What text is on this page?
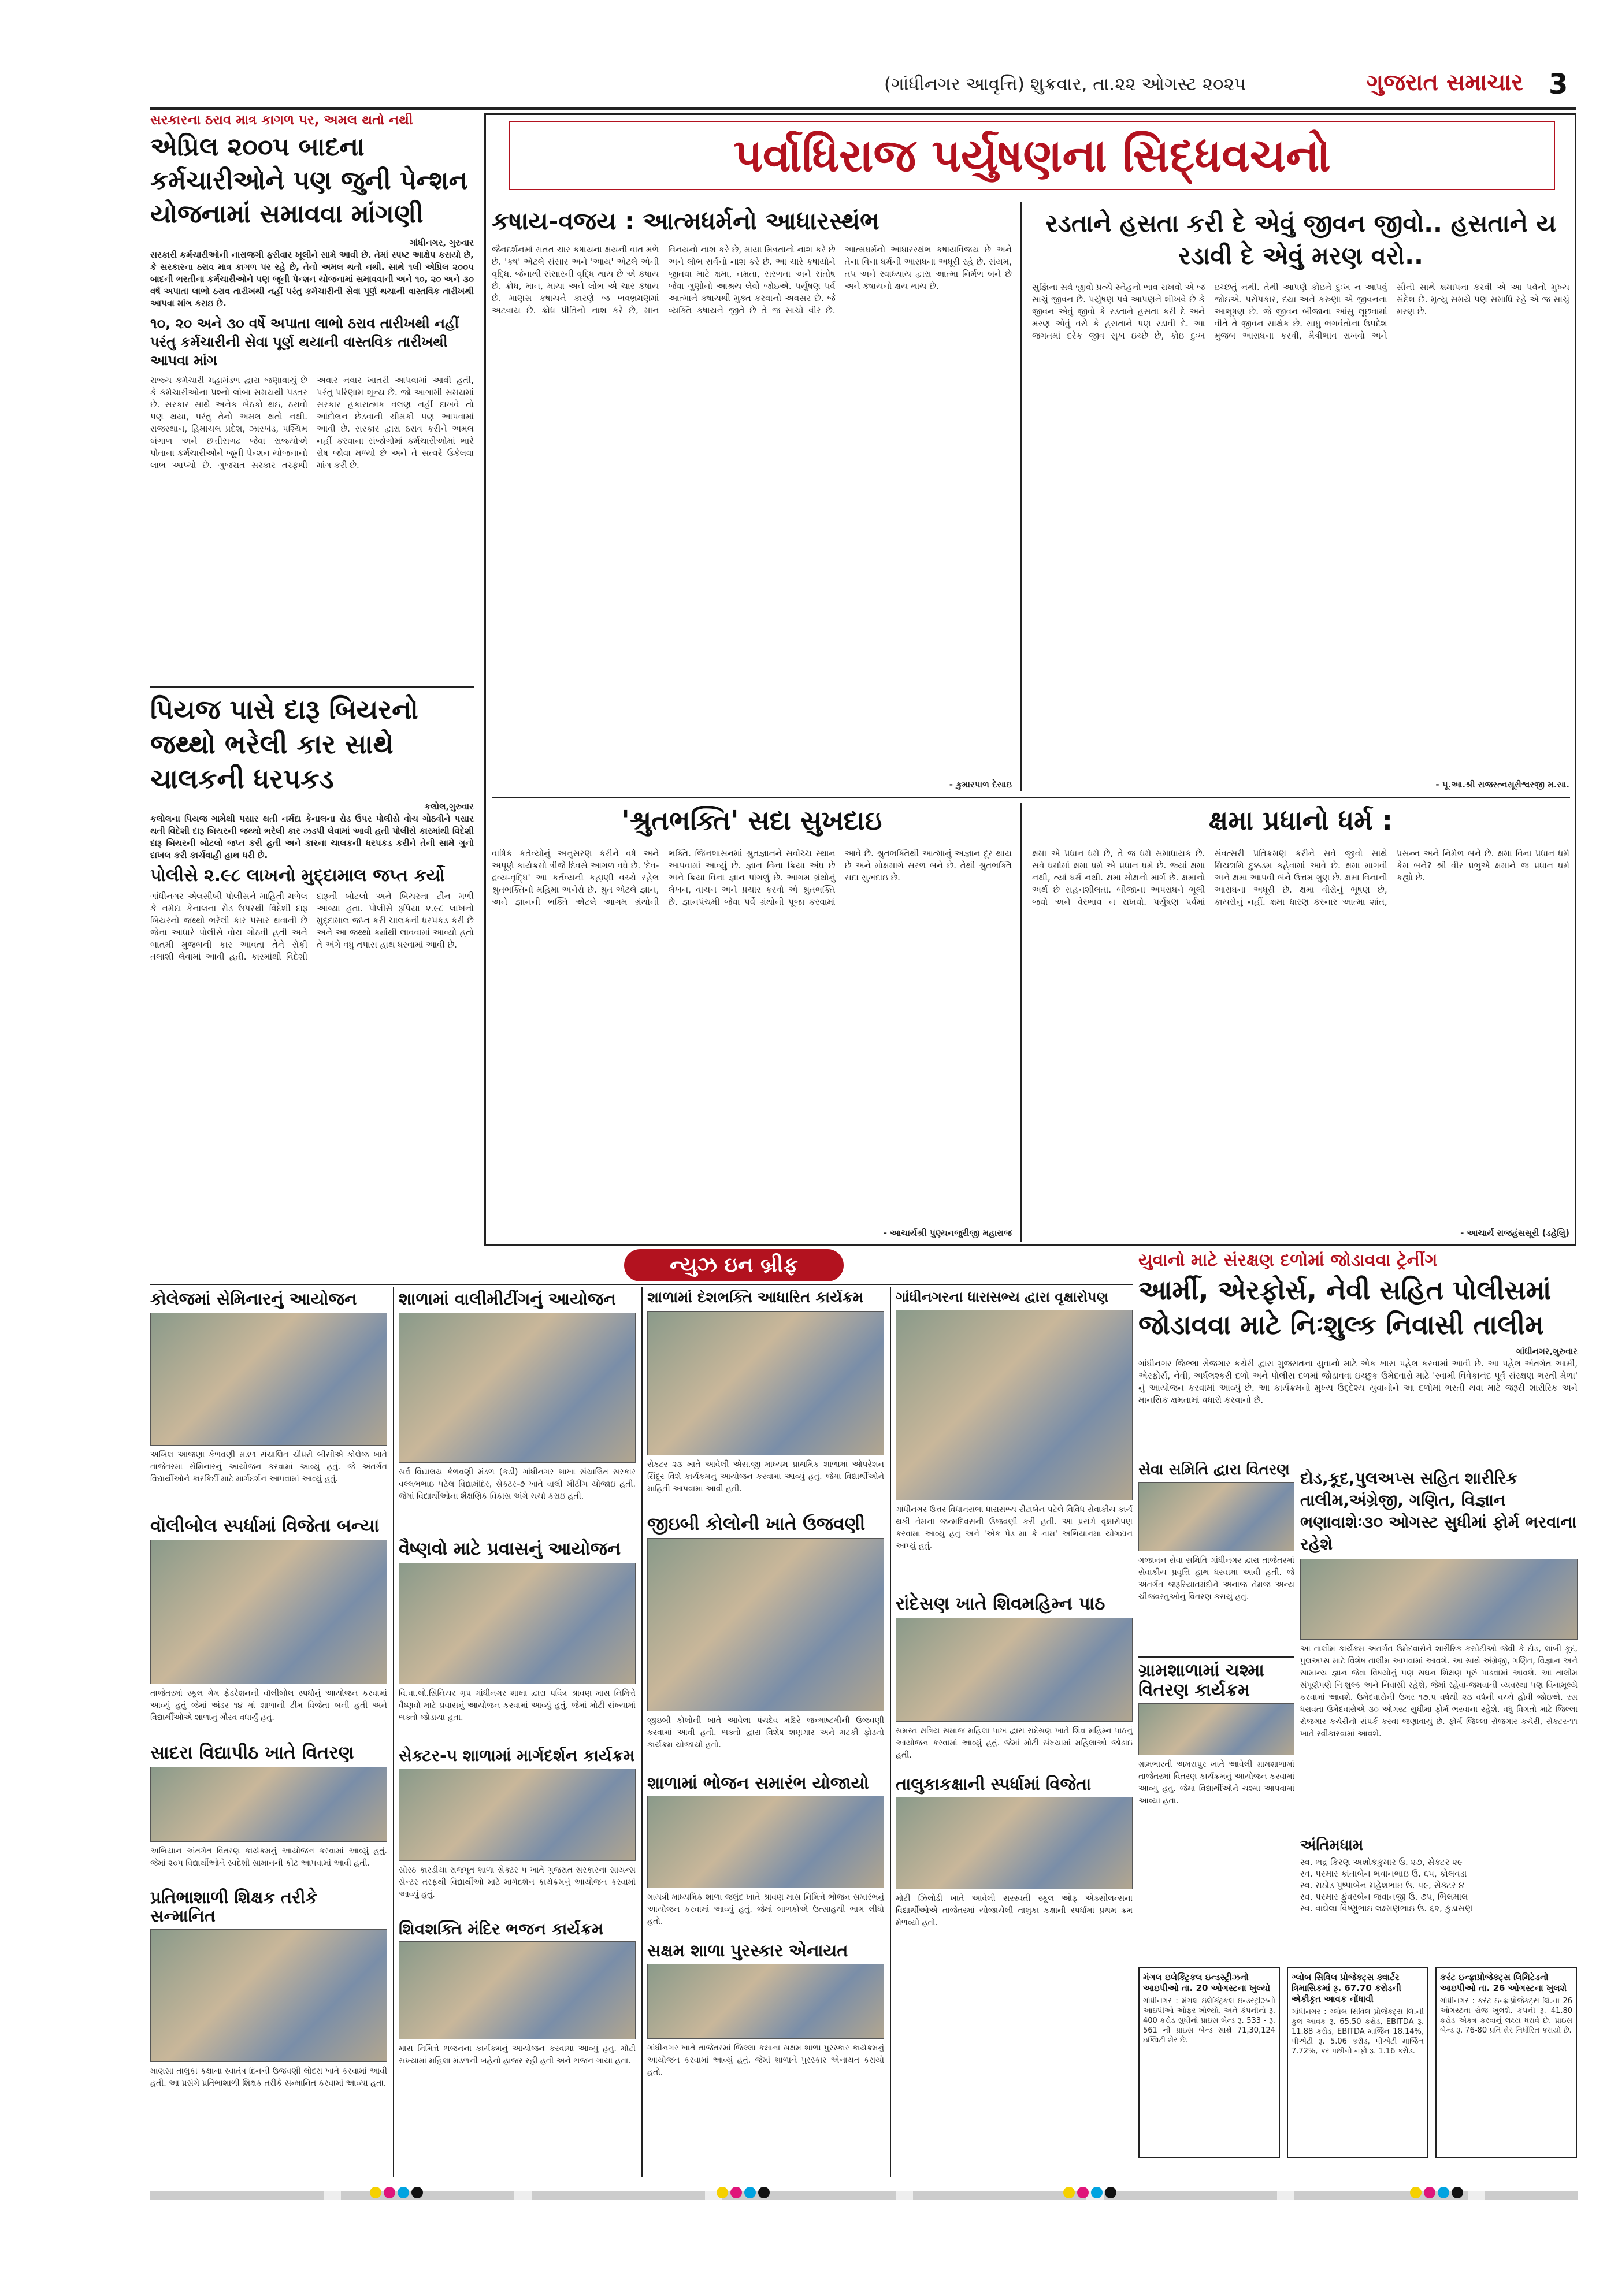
(ગાંધીનગર આવૃત્તિ) શુક્રવાર, તા.૨૨ ઓગસ્ટ ૨૦૨૫	ગુજરાત સમાચાર 3
સરકારના ઠરાવ માત્ર કાગળ પર, અમલ થતો નથી
એપ્રિલ ૨૦૦૫ બાદના કર્મચારીઓને પણ જુની પેન્શન યોજનામાં સમાવવા માંગણી
ગાંધીનગર, ગુરુવાર
સરકારી કર્મચારીઓની નારાજગી ફરીવાર ખૂલીને સામે આવી છે. તેમાં સ્પષ્ટ આક્ષેપ કરાયો છે, કે સરકારના ઠરાવ માત્ર કાગળ પર રહે છે, તેનો અમલ થતો નથી. સાથે ૧લી એપ્રિલ ૨૦૦૫ બાદની ભરતીના કર્મચારીઓને પણ જૂની પેન્શન યોજનામાં સમાવવાની અને ૧૦, ૨૦ અને ૩૦ વર્ષ અપાતા લાભો ઠરાવ તારીખથી નહીં પરંતુ કર્મચારીની સેવા પૂર્ણ થયાની વાસ્તવિક તારીખથી આપવા માંગ કરાઇ છે.
૧૦, ૨૦ અને ૩૦ વર્ષે અપાતા લાભો ઠરાવ તારીખથી નહીં પરંતુ કર્મચારીની સેવા પૂર્ણ થયાની વાસ્તવિક તારીખથી આપવા માંગ
રાજ્ય કર્મચારી મહામંડળ દ્વારા જણાવાયું છે કે કર્મચારીઓના પ્રશ્નો લાંબા સમયથી પડતર છે. સરકાર સાથે અનેક બેઠકો થઇ, ઠરાવો પણ થયા, પરંતુ તેનો અમલ થતો નથી. રાજસ્થાન, હિમાચલ પ્રદેશ, ઝારખંડ, પશ્ચિમ બંગાળ અને છત્તીસગઢ જેવા રાજ્યોએ પોતાના કર્મચારીઓને જૂની પેન્શન યોજનાનો લાભ આપ્યો છે. ગુજરાત સરકાર તરફથી અવાર નવાર ખાતરી આપવામાં આવી હતી, પરંતુ પરિણામ શૂન્ય છે. જો આગામી સમયમાં સરકાર હકારાત્મક વલણ નહીં દાખવે તો આંદોલન છેડવાની ચીમકી પણ આપવામાં આવી છે. સરકાર દ્વારા ઠરાવ કરીને અમલ નહીં કરવાના સંજોગોમાં કર્મચારીઓમાં ભારે રોષ જોવા મળ્યો છે અને તે સત્વરે ઉકેલવા માંગ કરી છે.
પિયજ પાસે દારૂ બિયરનો જથ્થો ભરેલી કાર સાથે ચાલકની ધરપકડ
કલોલ,ગુરુવાર
કલોલના પિયજ ગામેથી પસાર થતી નર્મદા કેનાલના રોડ ઉપર પોલીસે વોચ ગોઠવીને પસાર થતી વિદેશી દારૂ બિયરની જથ્થો ભરેલી કાર ઝડપી લેવામાં આવી હતી પોલીસે કારમાંથી વિદેશી દારૂ બિયરની બોટલો જપ્ત કરી હતી અને કારના ચાલકની ધરપકડ કરીને તેની સામે ગુનો દાખલ કરી કાર્યવાહી હાથ ધરી છે.
પોલીસે ૨.૯૮ લાખનો મુદ્દામાલ જપ્ત કર્યો
ગાંધીનગર એલસીબી પોલીસને માહિતી મળેલ કે નર્મદા કેનાલના રોડ ઉપરથી વિદેશી દારૂ બિયરનો જથ્થો ભરેલી કાર પસાર થવાની છે જેના આધારે પોલીસે વોચ ગોઠવી હતી અને બાતમી મુજબની કાર આવતા તેને રોકી તલાશી લેવામાં આવી હતી. કારમાંથી વિદેશી દારૂની બોટલો અને બિયરના ટીન મળી આવ્યા હતા. પોલીસે રૂપિયા ૨.૯૮ લાખનો મુદ્દામાલ જપ્ત કરી ચાલકની ધરપકડ કરી છે અને આ જથ્થો ક્યાંથી લાવવામાં આવ્યો હતો તે અંગે વધુ તપાસ હાથ ધરવામાં આવી છે.
પર્વાધિરાજ પર્યુષણના સિદ્ધવચનો
કષાય-વજય : આત્મધર્મનો આધારસ્થંભ
જૈનદર્શનમાં સતત ચાર કષાયના ક્ષયની વાત મળે છે. 'કષ' એટલે સંસાર અને 'આય' એટલે એની વૃદ્ધિ. જેનાથી સંસારની વૃદ્ધિ થાય છે એ કષાય છે. ક્રોધ, માન, માયા અને લોભ એ ચાર કષાય છે. માણસ કષાયને કારણે જ ભવભ્રમણમાં અટવાય છે. ક્રોધ પ્રીતિનો નાશ કરે છે, માન વિનયનો નાશ કરે છે, માયા મિત્રતાનો નાશ કરે છે અને લોભ સર્વનો નાશ કરે છે. આ ચારે કષાયોને જીતવા માટે ક્ષમા, નમ્રતા, સરળતા અને સંતોષ જેવા ગુણોનો આશ્રય લેવો જોઇએ. પર્યુષણ પર્વ આત્માને કષાયથી મુક્ત કરવાનો અવસર છે. જે વ્યક્તિ કષાયને જીતે છે તે જ સાચો વીર છે. આત્મધર્મનો આધારસ્થંભ કષાયવિજય છે અને તેના વિના ધર્મની આરાધના અધૂરી રહે છે. સંયમ, તપ અને સ્વાધ્યાય દ્વારા આત્મા નિર્મળ બને છે અને કષાયનો ક્ષય થાય છે.
- કુમારપાળ દેસાઇ
રડતાને હસતા કરી દે એવું જીવન જીવો.. હસતાને ય રડાવી દે એવું મરણ વરો..
સુજ્ઞિના સર્વ જીવો પ્રત્યે સ્નેહનો ભાવ રાખવો એ જ સાચું જીવન છે. પર્યુષણ પર્વ આપણને શીખવે છે કે જીવન એવું જીવો કે રડતાને હસતા કરી દે અને મરણ એવું વરો કે હસતાને પણ રડાવી દે. આ જગતમાં દરેક જીવ સુખ ઇચ્છે છે, કોઇ દુઃખ ઇચ્છતું નથી. તેથી આપણે કોઇને દુઃખ ન આપવું જોઇએ. પરોપકાર, દયા અને કરુણા એ જીવનના આભૂષણ છે. જે જીવન બીજાના આંસુ લૂછવામાં વીતે તે જીવન સાર્થક છે. સાધુ ભગવંતોના ઉપદેશ મુજબ આરાધના કરવી, મૈત્રીભાવ રાખવો અને સૌની સાથે ક્ષમાપના કરવી એ આ પર્વનો મુખ્ય સંદેશ છે. મૃત્યુ સમયે પણ સમાધિ રહે એ જ સાચું મરણ છે.
- પૂ.આ.શ્રી રાજરત્નસૂરીશ્વરજી મ.સા.
'શ્રુતભક્તિ' સદા સુખદાઇ
વાર્ષિક કર્તવ્યોનું અનુસરણ કરીને વર્ષ અને અપૂર્ણ કાર્યક્રમો ત્રીજે દિવસે આગળ વધે છે. 'દેવ-દ્રવ્ય-વૃદ્ધિ' આ કર્તવ્યની કહાણી વચ્ચે રહેલ શ્રુતભક્તિનો મહિમા અનેરો છે. શ્રુત એટલે જ્ઞાન, અને જ્ઞાનની ભક્તિ એટલે આગમ ગ્રંથોની ભક્તિ. જિનશાસનમાં શ્રુતજ્ઞાનને સર્વોચ્ચ સ્થાન આપવામાં આવ્યું છે. જ્ઞાન વિના ક્રિયા અંધ છે અને ક્રિયા વિના જ્ઞાન પાંગળું છે. આગમ ગ્રંથોનું લેખન, વાચન અને પ્રચાર કરવો એ શ્રુતભક્તિ છે. જ્ઞાનપંચમી જેવા પર્વે ગ્રંથોની પૂજા કરવામાં આવે છે. શ્રુતભક્તિથી આત્માનું અજ્ઞાન દૂર થાય છે અને મોક્ષમાર્ગ સરળ બને છે. તેથી શ્રુતભક્તિ સદા સુખદાઇ છે.
- આચાર્યશ્રી પુણ્યનજુરીજી મહારાજ
ક્ષમા પ્રધાનો ધર્મ :
ક્ષમા એ પ્રધાન ધર્મ છે, તે જ ધર્મ સમાધાયક છે. સર્વ ધર્મોમાં ક્ષમા ધર્મ એ પ્રધાન ધર્મ છે. જ્યાં ક્ષમા નથી, ત્યાં ધર્મ નથી. ક્ષમા મોક્ષનો માર્ગ છે. ક્ષમાનો અર્થ છે સહનશીલતા. બીજાના અપરાધને ભૂલી જવો અને વેરભાવ ન રાખવો. પર્યુષણ પર્વમાં સંવત્સરી પ્રતિક્રમણ કરીને સર્વ જીવો સાથે મિચ્છામિ દુક્કડમ કહેવામાં આવે છે. ક્ષમા માગવી અને ક્ષમા આપવી બંને ઉત્તમ ગુણ છે. ક્ષમા વિનાની આરાધના અધૂરી છે. ક્ષમા વીરોનું ભૂષણ છે, કાયરોનું નહીં. ક્ષમા ધારણ કરનાર આત્મા શાંત, પ્રસન્ન અને નિર્મળ બને છે. ક્ષમા વિના પ્રધાન ધર્મ કેમ બને? શ્રી વીર પ્રભુએ ક્ષમાને જ પ્રધાન ધર્મ કહ્યો છે.
- આચાર્ય રાજહંસસૂરી (ડહેલુિ)
ન્યુઝ ઇન બ્રીફ
કોલેજમાં સેમિનારનું આયોજન
અખિલ આંજણા કેળવણી મંડળ સંચાલિત ચૌધરી બીસીએ કોલેજ ખાતે તાજેતરમાં સેમિનારનું આયોજન કરવામાં આવ્યું હતું. જે અંતર્ગત વિદ્યાર્થીઓને કારકિર્દી માટે માર્ગદર્શન આપવામાં આવ્યું હતું.
વૉલીબોલ સ્પર્ધામાં વિજેતા બન્યા
તાજેતરમાં સ્કૂલ ગેમ ફેડરેશનની વૉલીબોલ સ્પર્ધાનું આયોજન કરવામાં આવ્યું હતું જેમાં અંડર ૧૪ માં શાળાની ટીમ વિજેતા બની હતી અને વિદ્યાર્થીઓએ શાળાનું ગૌરવ વધાર્યું હતું.
સાદરા વિદ્યાપીઠ ખાતે વિતરણ
અભિયાન અંતર્ગત વિતરણ કાર્યક્રમનું આયોજન કરવામાં આવ્યું હતું. જેમાં ૨૦૫ વિદ્યાર્થીઓને સ્વદેશી સામાનની કીટ આપવામાં આવી હતી.
પ્રતિભાશાળી શિક્ષક તરીકે સન્માનિત
માણસા તાલુકા કક્ષાના સ્વાતંત્ર દિનની ઉજવણી લોદરા ખાતે કરવામાં આવી હતી. આ પ્રસંગે પ્રતિભાશાળી શિક્ષક તરીકે સન્માનિત કરવામાં આવ્યા હતા.
શાળામાં વાલીમીટીંગનું આયોજન
સર્વ વિદ્યાલય કેળવણી મંડળ (કડી) ગાંધીનગર શાખા સંચાલિત સરકાર વલ્લભભાઇ પટેલ વિદ્યામંદિર, સેક્ટર-૭ ખાતે વાલી મીટીંગ યોજાઇ હતી. જેમાં વિદ્યાર્થીઓના શૈક્ષણિક વિકાસ અંગે ચર્ચા કરાઇ હતી.
વૈષ્ણવો માટે પ્રવાસનું આયોજન
વિ.વા.બો.સિનિયર ગૃપ ગાંધીનગર શાખા દ્વારા પવિત્ર શ્રાવણ માસ નિમિત્તે વૈષ્ણવો માટે પ્રવાસનું આયોજન કરવામાં આવ્યું હતું. જેમાં મોટી સંખ્યામાં ભક્તો જોડાયા હતા.
સેક્ટર-૫ શાળામાં માર્ગદર્શન કાર્યક્રમ
સોરઠ કારડીયા રાજપૂત શાળા સેક્ટર ૫ ખાતે ગુજરાત સરકારના સાયન્સ સેન્ટર તરફથી વિદ્યાર્થીઓ માટે માર્ગદર્શન કાર્યક્રમનું આયોજન કરવામાં આવ્યું હતું.
શિવશક્તિ મંદિર ભજન કાર્યક્રમ
માસ નિમિત્તે ભજનના કાર્યક્રમનું આયોજન કરવામાં આવ્યું હતું. મોટી સંખ્યામાં મહિલા મંડળની બહેનો હાજર રહી હતી અને ભજન ગાયા હતા.
શાળામાં દેશભક્તિ આધારિત કાર્યક્રમ
સેક્ટર ૨૩ ખાતે આવેલી એસ.જી માધ્યમ પ્રાથમિક શાળામાં ઓપરેશન સિંદૂર વિશે કાર્યક્રમનું આયોજન કરવામાં આવ્યું હતું. જેમાં વિદ્યાર્થીઓને માહિતી આપવામાં આવી હતી.
જીઇબી કોલોની ખાતે ઉજવણી
જીઇબી કોલોની ખાતે આવેલા પંચદેવ મંદિરે જન્માષ્ટમીની ઉજવણી કરવામાં આવી હતી. ભક્તો દ્વારા વિશેષ શણગાર અને મટકી ફોડનો કાર્યક્રમ યોજાયો હતો.
શાળામાં ભોજન સમારંભ યોજાયો
ગાયત્રી માધ્યમિક શાળા જલુંદ ખાતે શ્રાવણ માસ નિમિત્તે ભોજન સમારંભનું આયોજન કરવામાં આવ્યું હતું. જેમાં બાળકોએ ઉત્સાહથી ભાગ લીધો હતો.
સક્ષમ શાળા પુરસ્કાર એનાયત
ગાંધીનગર ખાતે તાજેતરમાં જિલ્લા કક્ષાના સક્ષમ શાળા પુરસ્કાર કાર્યક્રમનું આયોજન કરવામાં આવ્યું હતું. જેમાં શાળાને પુરસ્કાર એનાયત કરાયો હતો.
ગાંધીનગરના ધારાસભ્ય દ્વારા વૃક્ષારોપણ
ગાંધીનગર ઉત્તર વિધાનસભા ધારાસભ્ય રીટાબેન પટેલે વિવિધ સેવાકીય કાર્ય થકી તેમના જન્મદિવસની ઉજવણી કરી હતી. આ પ્રસંગે વૃક્ષારોપણ કરવામાં આવ્યું હતું અને 'એક પેડ મા કે નામ' અભિયાનમાં યોગદાન આપ્યું હતું.
રાંદેસણ ખાતે શિવમહિમ્ન પાઠ
સમસ્ત ક્ષત્રિય સમાજ મહિલા પાંખ દ્વારા રાંદેસણ ખાતે શિવ મહિમ્ન પાઠનું આયોજન કરવામાં આવ્યું હતું. જેમાં મોટી સંખ્યામાં મહિલાઓ જોડાઇ હતી.
તાલુકાકક્ષાની સ્પર્ધામાં વિજેતા
મોટી ઝિલોડી ખાતે આવેલી સરસ્વતી સ્કૂલ ઓફ એક્સીલન્સના વિદ્યાર્થીઓએ તાજેતરમાં યોજાયેલી તાલુકા કક્ષાની સ્પર્ધામાં પ્રથમ ક્રમ મેળવ્યો હતો.
સેવા સમિતિ દ્વારા વિતરણ
ગજાનન સેવા સમિતિ ગાંધીનગર દ્વારા તાજેતરમાં સેવાકીય પ્રવૃત્તિ હાથ ધરવામાં આવી હતી. જે અંતર્ગત જરૂરિયાતમંદોને અનાજ તેમજ અન્ય ચીજવસ્તુઓનું વિતરણ કરાયું હતું.
ગ્રામશાળામાં ચશ્મા વિતરણ કાર્યક્રમ
ગ્રામભારતી અમરાપુર ખાતે આવેલી ગ્રામશાળામાં તાજેતરમાં વિતરણ કાર્યક્રમનું આયોજન કરવામાં આવ્યું હતું. જેમાં વિદ્યાર્થીઓને ચશ્મા આપવામાં આવ્યા હતા.
યુવાનો માટે સંરક્ષણ દળોમાં જોડાવવા ટ્રેનીંગ
આર્મી, એરફોર્સ, નેવી સહિત પોલીસમાં જોડાવવા માટે નિઃશુલ્ક નિવાસી તાલીમ
ગાંધીનગર,ગુરુવાર
ગાંધીનગર જિલ્લા રોજગાર કચેરી દ્વારા ગુજરાતના યુવાનો માટે એક ખાસ પહેલ કરવામાં આવી છે. આ પહેલ અંતર્ગત આર્મી, એરફોર્સ, નેવી, અર્ધલશ્કરી દળો અને પોલીસ દળમાં જોડાવવા ઇચ્છુક ઉમેદવારો માટે 'સ્વામી વિવેકાનંદ પૂર્વ સંરક્ષણ ભરતી મેળા' નું આયોજન કરવામાં આવ્યું છે. આ કાર્યક્રમનો મુખ્ય ઉદ્દેશ્ય યુવાનોને આ દળોમાં ભરતી થવા માટે જરૂરી શારીરિક અને માનસિક ક્ષમતામાં વધારો કરવાનો છે.
દોડ,કૂદ,પુલઅપ્સ સહિત શારીરિક તાલીમ,અંગ્રેજી, ગણિત, વિજ્ઞાન ભણાવાશેઃ૩૦ ઓગસ્ટ સુધીમાં ફોર્મ ભરવાના રહેશે
આ તાલીમ કાર્યક્રમ અંતર્ગત ઉમેદવારોને શારીરિક કસોટીઓ જેવી કે દોડ, લાંબી કૂદ, પુલઅપ્સ માટે વિશેષ તાલીમ આપવામાં આવશે. આ સાથે અંગ્રેજી, ગણિત, વિજ્ઞાન અને સામાન્ય જ્ઞાન જેવા વિષયોનું પણ સઘન શિક્ષણ પૂરું પાડવામાં આવશે. આ તાલીમ સંપૂર્ણપણે નિઃશુલ્ક અને નિવાસી રહેશે, જેમાં રહેવા-જમવાની વ્યવસ્થા પણ વિનામૂલ્યે કરવામાં આવશે. ઉમેદવારોની ઉંમર ૧૭.૫ વર્ષથી ૨૩ વર્ષની વચ્ચે હોવી જોઇએ. રસ ધરાવતા ઉમેદવારોએ ૩૦ ઓગસ્ટ સુધીમાં ફોર્મ ભરવાના રહેશે. વધુ વિગતો માટે જિલ્લા રોજગાર કચેરીનો સંપર્ક કરવા જણાવાયું છે. ફોર્મ જિલ્લા રોજગાર કચેરી, સેક્ટર-૧૧ ખાતે સ્વીકારવામાં આવશે.
અંતિમધામ
સ્વ. ભદ્ર કિરણ અશોકકુમાર ઉ. ૨૭, સેક્ટર ૨૯
સ્વ. પરમાર કાંતાબેન ભવાનભાઇ ઉ. ૬૫, કોલવડા
સ્વ. રાઠોડ પુષ્પાબેન મહેશભાઇ ઉ. ૫૯, સેક્ટર ૪
સ્વ. પરમાર ફુંવરબેન જવાનજી ઉ. ૭૫, ભિલમાલ
સ્વ. વાઘેલા વિષ્ણુભાઇ લક્ષ્મણભાઇ ઉ. ૬૨, કુડાસણ
મંગલ ઇલેક્ટ્રિકલ ઇન્ડસ્ટ્રીઝનો આઇપીઓ તા. 20 ઓગસ્ટના ખુલ્યો
ગાંધીનગર : મંગલ ઇલેક્ટ્રિકલ ઇન્ડસ્ટ્રીઝનો આઇપીઓ ઓફર ખોલ્યો. અને કંપનીનો રૂ. 400 કરોડ સુધીનો પ્રાઇસ બેન્ડ રૂ. 533 - રૂ. 561 ની પ્રાઇસ બેન્ડ સાથે 71,30,124 ઇક્વિટી શેર છે.
ગ્લોબ સિવિલ પ્રોજેક્ટ્સ ક્વાર્ટર ત્રિમાસિકમાં રૂ. 67.70 કરોડની એકીકૃત આવક નોંધાવી
ગાંધીનગર : ગ્લોબ સિવિલ પ્રોજેક્ટ્સ લિ.ની કુલ આવક રૂ. 65.50 કરોડ, EBITDA રૂ. 11.88 કરોડ, EBITDA માર્જિન 18.14%, પીએટી રૂ. 5.06 કરોડ, પીએટી માર્જિન 7.72%, કર પછીનો નફો રૂ. 1.16 કરોડ.
કરંટ ઇન્ફ્રાપ્રોજેક્ટ્સ લિમિટેડનો આઇપીઓ તા. 26 ઓગસ્ટના ખુલશે
ગાંધીનગર : કરંટ ઇન્ફ્રાપ્રોજેક્ટ્સ લિ.ના 26 ઓગસ્ટના રોજ ખુલશે. કંપની રૂ. 41.80 કરોડ એકત્ર કરવાનું લક્ષ્ય ધરાવે છે. પ્રાઇસ બેન્ડ રૂ. 76-80 પ્રતિ શેર નિર્ધારિત કરાયો છે.
